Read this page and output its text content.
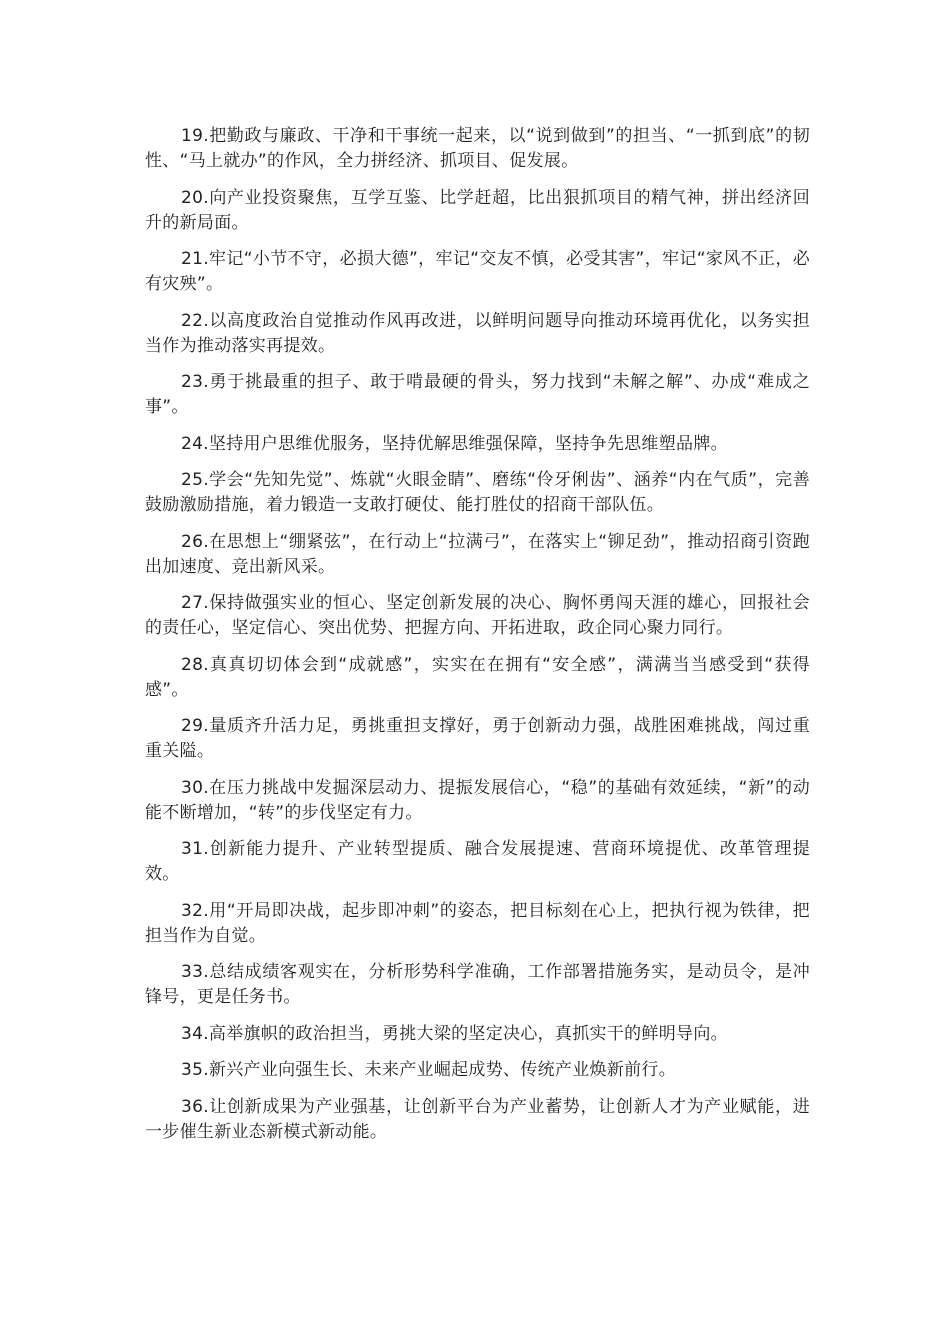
19.把勤政与廉政、干净和干事统一起来，以“说到做到”的担当、“一抓到底”的韧性、“马上就办”的作风，全力拼经济、抓项目、促发展。

20.向产业投资聚焦，互学互鉴、比学赶超，比出狠抓项目的精气神，拼出经济回升的新局面。

21.牢记“小节不守，必损大德”，牢记“交友不慎，必受其害”，牢记“家风不正，必有灾殃”。

22.以高度政治自觉推动作风再改进，以鲜明问题导向推动环境再优化，以务实担当作为推动落实再提效。

23.勇于挑最重的担子、敢于啃最硬的骨头，努力找到“未解之解”、办成“难成之事”。

24.坚持用户思维优服务，坚持优解思维强保障，坚持争先思维塑品牌。

25.学会“先知先觉”、炼就“火眼金睛”、磨练“伶牙俐齿”、涵养“内在气质”，完善鼓励激励措施，着力锻造一支敢打硬仗、能打胜仗的招商干部队伍。

26.在思想上“绷紧弦”，在行动上“拉满弓”，在落实上“铆足劲”，推动招商引资跑出加速度、竞出新风采。

27.保持做强实业的恒心、坚定创新发展的决心、胸怀勇闯天涯的雄心，回报社会的责任心，坚定信心、突出优势、把握方向、开拓进取，政企同心聚力同行。

28.真真切切体会到“成就感”，实实在在拥有“安全感”，满满当当感受到“获得感”。

29.量质齐升活力足，勇挑重担支撑好，勇于创新动力强，战胜困难挑战，闯过重重关隘。

30.在压力挑战中发掘深层动力、提振发展信心，“稳”的基础有效延续，“新”的动能不断增加，“转”的步伐坚定有力。

31.创新能力提升、产业转型提质、融合发展提速、营商环境提优、改革管理提效。

32.用“开局即决战，起步即冲刺”的姿态，把目标刻在心上，把执行视为铁律，把担当作为自觉。

33.总结成绩客观实在，分析形势科学准确，工作部署措施务实，是动员令，是冲锋号，更是任务书。

34.高举旗帜的政治担当，勇挑大梁的坚定决心，真抓实干的鲜明导向。

35.新兴产业向强生长、未来产业崛起成势、传统产业焕新前行。

36.让创新成果为产业强基，让创新平台为产业蓄势，让创新人才为产业赋能，进一步催生新业态新模式新动能。
